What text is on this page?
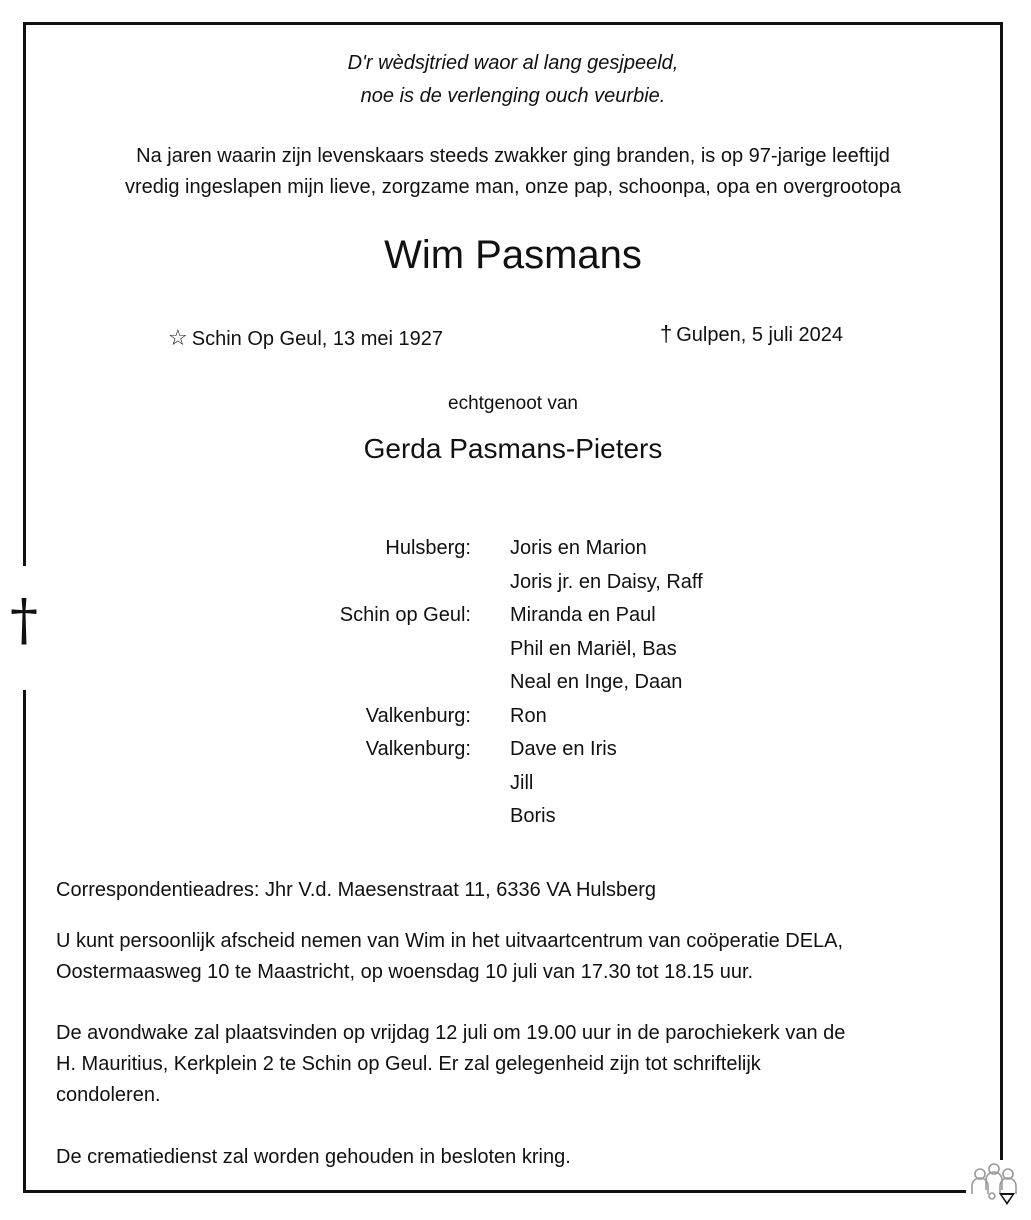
D'r wèdsjtried waor al lang gesjpeeld,
noe is de verlenging ouch veurbie.
Na jaren waarin zijn levenskaars steeds zwakker ging branden, is op 97-jarige leeftijd
vredig ingeslapen mijn lieve, zorgzame man, onze pap, schoonpa, opa en overgrootopa
Wim Pasmans
☆ Schin Op Geul, 13 mei 1927	† Gulpen, 5 juli 2024
echtgenoot van
Gerda Pasmans-Pieters
Hulsberg: Joris en Marion
Joris jr. en Daisy, Raff
Schin op Geul: Miranda en Paul
Phil en Mariël, Bas
Neal en Inge, Daan
Valkenburg: Ron
Valkenburg: Dave en Iris
Jill
Boris
Correspondentieadres: Jhr V.d. Maesenstraat 11, 6336 VA Hulsberg
U kunt persoonlijk afscheid nemen van Wim in het uitvaartcentrum van coöperatie DELA,
Oostermaasweg 10 te Maastricht, op woensdag 10 juli van 17.30 tot 18.15 uur.
De avondwake zal plaatsvinden op vrijdag 12 juli om 19.00 uur in de parochiekerk van de
H. Mauritius, Kerkplein 2 te Schin op Geul. Er zal gelegenheid zijn tot schriftelijk
condoleren.
De crematiedienst zal worden gehouden in besloten kring.
†
